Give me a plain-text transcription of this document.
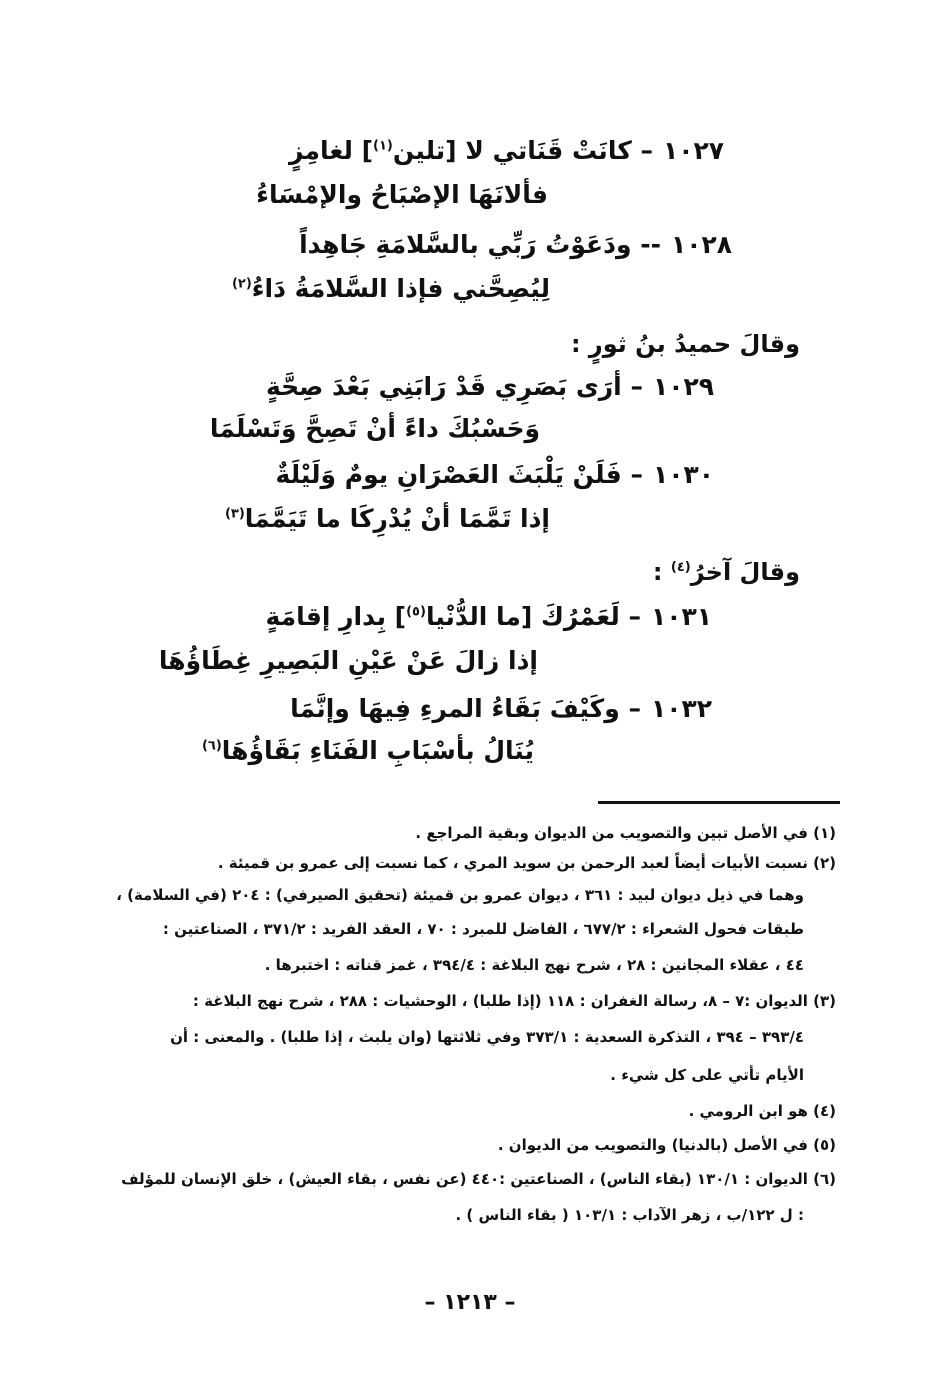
١٠٢٧– كانَتْ قَنَاتي لا [تلين$^{(١)}$] لغامِزٍ
فألانَهَا الإصْبَاحُ والإمْسَاءُ
١٠٢٨-- ودَعَوْتُ رَبِّي بالسَّلامَةِ جَاهِداً
لِيُصِحَّني فإذا السَّلامَةُ دَاءُ$^{(٢)}$
وقالَ حميدُ بنُ ثورٍ :
١٠٢٩– أرَى بَصَرِي قَدْ رَابَنِي بَعْدَ صِحَّةٍ
وَحَسْبُكَ داءً أنْ تَصِحَّ وَتَسْلَمَا
١٠٣٠– فَلَنْ يَلْبَثَ العَصْرَانِ يومٌ وَلَيْلَةٌ
إذا تَمَّمَا أنْ يُدْرِكَا ما تَيَمَّمَا$^{(٣)}$
وقالَ آخرُ$^{(٤)}$ :
١٠٣١– لَعَمْرُكَ [ما الدُّنْيا$^{(٥)}$] بِدارِ إقامَةٍ
إذا زالَ عَنْ عَيْنِ البَصِيرِ غِطَاؤُهَا
١٠٣٢– وكَيْفَ بَقَاءُ المرءِ فِيهَا وإنَّمَا
يُنَالُ بأسْبَابِ الفَنَاءِ بَقَاؤُهَا$^{(٦)}$
(١) في الأصل تبين والتصويب من الديوان وبقية المراجع .
(٢) نسبت الأبيات أيضاً لعبد الرحمن بن سويد المري ، كما نسبت إلى عمرو بن قميئة .
وهما في ذيل ديوان لبيد : ٣٦١ ، ديوان عمرو بن قميئة (تحقيق الصيرفي) : ٢٠٤ (في السلامة) ،
طبقات فحول الشعراء : ٦٧٧/٢ ، الفاضل للمبرد : ٧٠ ، العقد الفريد : ٣٧١/٢ ، الصناعتين :
٤٤ ، عقلاء المجانين : ٢٨ ، شرح نهج البلاغة : ٣٩٤/٤ ، غمز قناته : اختبرها .
(٣) الديوان :٧ – ٨، رسالة الغفران : ١١٨ (إذا طلبا) ، الوحشيات : ٢٨٨ ، شرح نهج البلاغة :
٣٩٣/٤ – ٣٩٤ ، التذكرة السعدية : ٣٧٣/١ وفي ثلاثتها (وان يلبث ، إذا طلبا) . والمعنى : أن
الأيام تأتي على كل شيء .
(٤) هو ابن الرومي .
(٥) في الأصل (بالدنيا) والتصويب من الديوان .
(٦) الديوان : ١٣٠/١ (بقاء الناس) ، الصناعتين :٤٤٠ (عن نفس ، بقاء العيش) ، خلق الإنسان للمؤلف
: ل ١٢٢/ب ، زهر الآداب : ١٠٣/١ ( بقاء الناس ) .
– ١٢١٣ –
